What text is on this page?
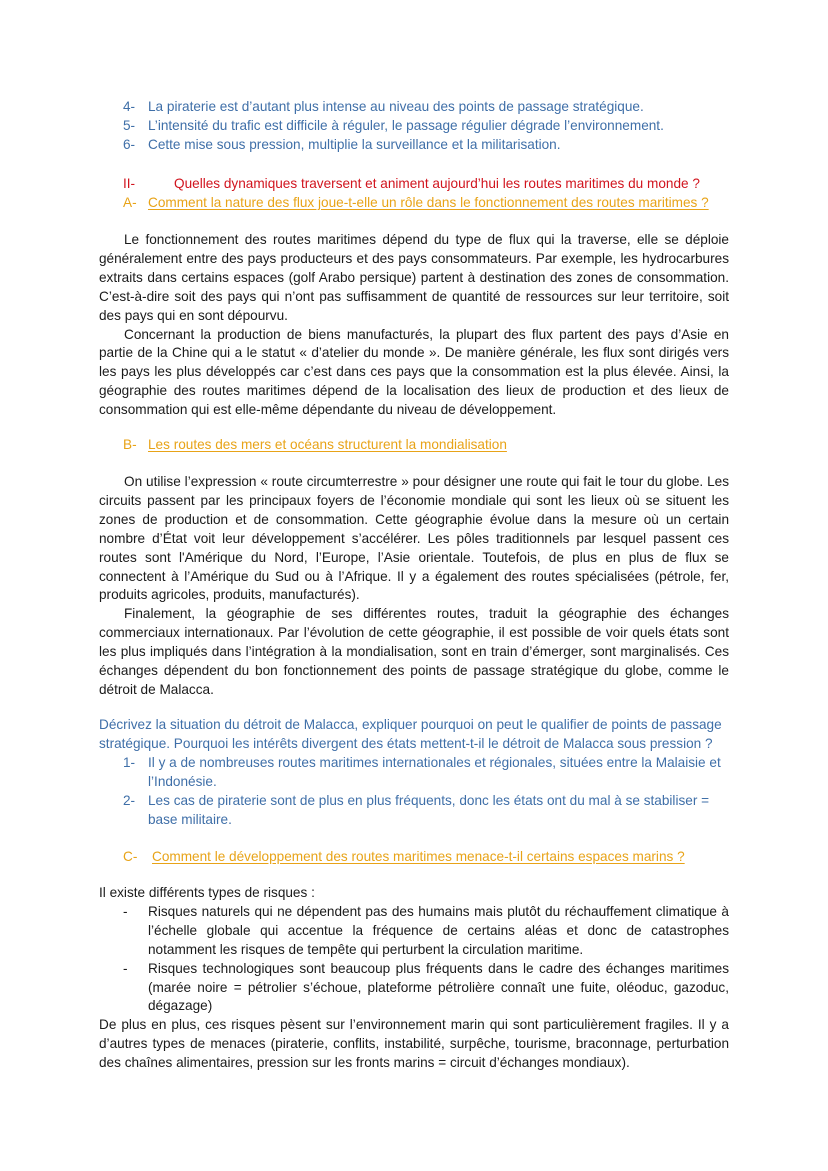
4- La piraterie est d’autant plus intense au niveau des points de passage stratégique.
5- L’intensité du trafic est difficile à réguler, le passage régulier dégrade l’environnement.
6- Cette mise sous pression, multiplie la surveillance et la militarisation.
II-	Quelles dynamiques traversent et animent aujourd’hui les routes maritimes du monde ?
A- Comment la nature des flux joue-t-elle un rôle dans le fonctionnement des routes maritimes ?
Le fonctionnement des routes maritimes dépend du type de flux qui la traverse, elle se déploie généralement entre des pays producteurs et des pays consommateurs. Par exemple, les hydrocarbures extraits dans certains espaces (golf Arabo persique) partent à destination des zones de consommation. C’est-à-dire soit des pays qui n’ont pas suffisamment de quantité de ressources sur leur territoire, soit des pays qui en sont dépourvu.
Concernant la production de biens manufacturés, la plupart des flux partent des pays d’Asie en partie de la Chine qui a le statut « d’atelier du monde ». De manière générale, les flux sont dirigés vers les pays les plus développés car c’est dans ces pays que la consommation est la plus élevée. Ainsi, la géographie des routes maritimes dépend de la localisation des lieux de production et des lieux de consommation qui est elle-même dépendante du niveau de développement.
B- Les routes des mers et océans structurent la mondialisation
On utilise l’expression « route circumterrestre » pour désigner une route qui fait le tour du globe. Les circuits passent par les principaux foyers de l’économie mondiale qui sont les lieux où se situent les zones de production et de consommation. Cette géographie évolue dans la mesure où un certain nombre d’État voit leur développement s’accélérer. Les pôles traditionnels par lesquel passent ces routes sont l'Amérique du Nord, l’Europe, l’Asie orientale. Toutefois, de plus en plus de flux se connectent à l’Amérique du Sud ou à l’Afrique. Il y a également des routes spécialisées (pétrole, fer, produits agricoles, produits, manufacturés).
Finalement, la géographie de ses différentes routes, traduit la géographie des échanges commerciaux internationaux. Par l’évolution de cette géographie, il est possible de voir quels états sont les plus impliqués dans l’intégration à la mondialisation, sont en train d’émerger, sont marginalisés. Ces échanges dépendent du bon fonctionnement des points de passage stratégique du globe, comme le détroit de Malacca.
Décrivez la situation du détroit de Malacca, expliquer pourquoi on peut le qualifier de points de passage stratégique. Pourquoi les intérêts divergent des états mettent-t-il le détroit de Malacca sous pression ?
1- Il y a de nombreuses routes maritimes internationales et régionales, situées entre la Malaisie et l’Indonésie.
2- Les cas de piraterie sont de plus en plus fréquents, donc les états ont du mal à se stabiliser = base militaire.
C- Comment le développement des routes maritimes menace-t-il certains espaces marins ?
Il existe différents types de risques :
- Risques naturels qui ne dépendent pas des humains mais plutôt du réchauffement climatique à l’échelle globale qui accentue la fréquence de certains aléas et donc de catastrophes notamment les risques de tempête qui perturbent la circulation maritime.
- Risques technologiques sont beaucoup plus fréquents dans le cadre des échanges maritimes (marée noire = pétrolier s’échoue, plateforme pétrolière connaît une fuite, oléoduc, gazoduc, dégazage)
De plus en plus, ces risques pèsent sur l’environnement marin qui sont particulièrement fragiles. Il y a d’autres types de menaces (piraterie, conflits, instabilité, surpêche, tourisme, braconnage, perturbation des chaînes alimentaires, pression sur les fronts marins = circuit d’échanges mondiaux).
